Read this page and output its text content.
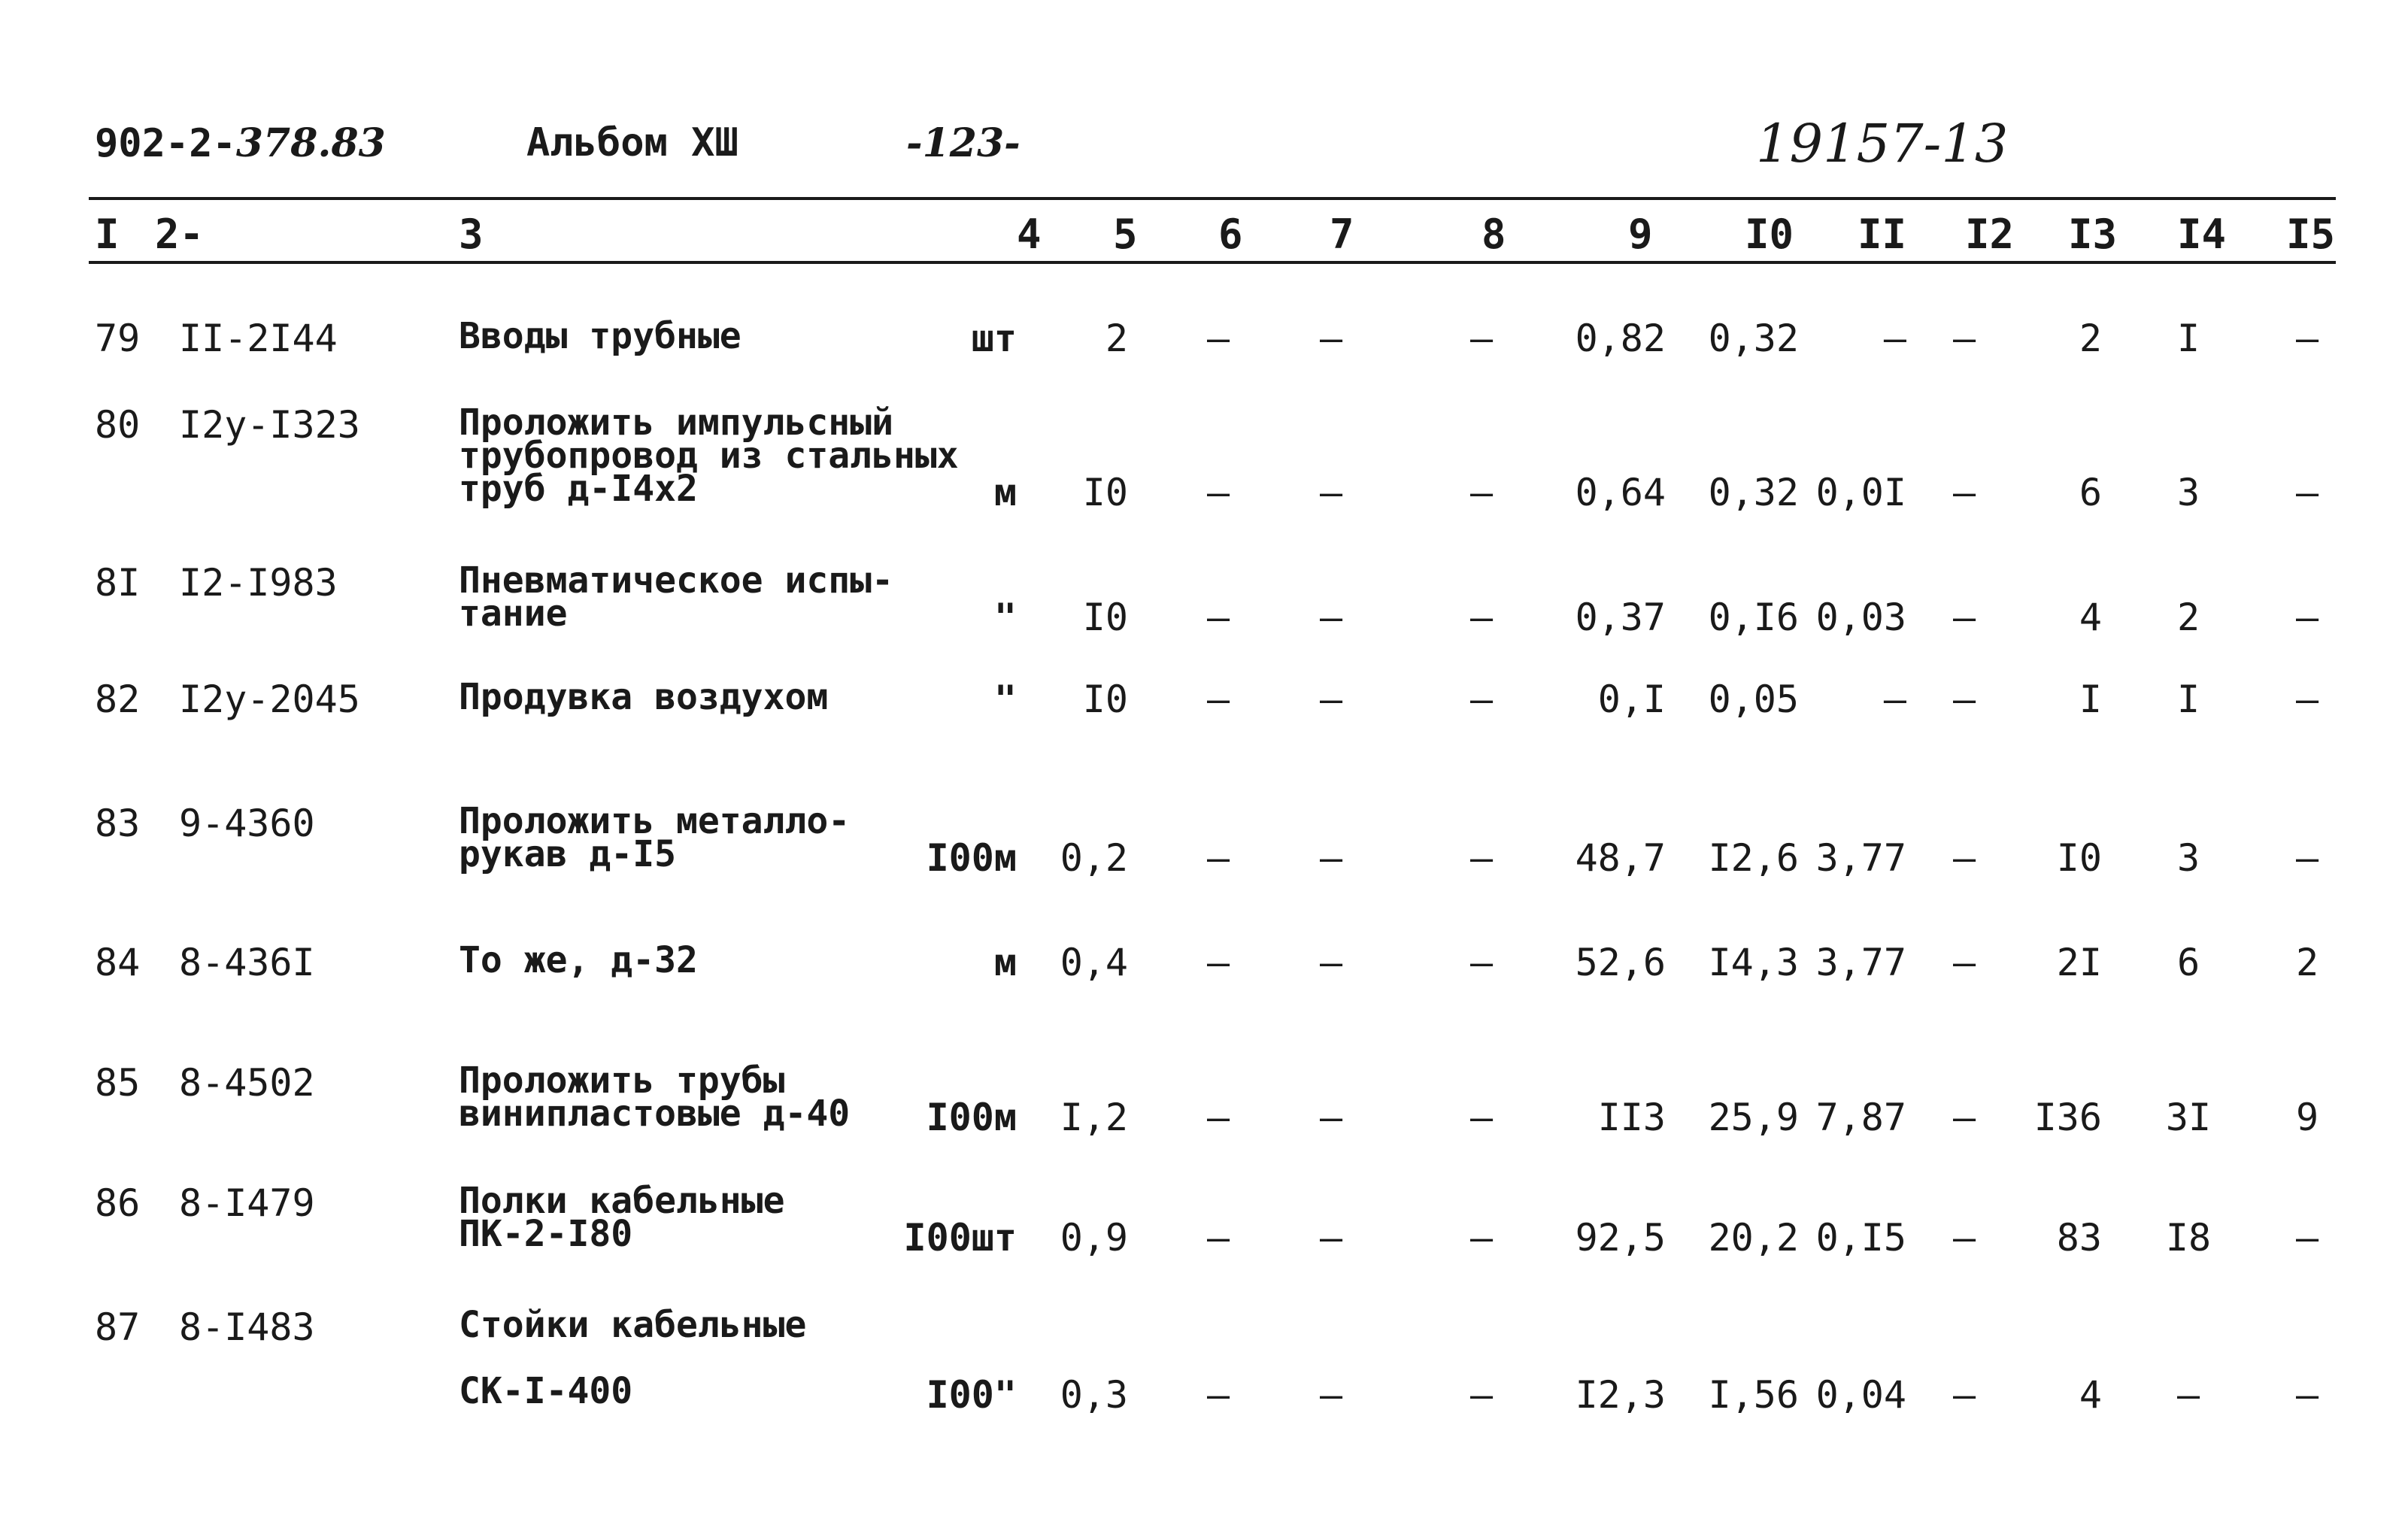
902-2-378.83	Альбом ХШ	-123-	19157-13
I 2-	3	4 5 6 7	8	9 I0 II I2 I3 I4 I5
79 II-2I44	Вводы трубные	шт 2 – –	– 0,82 0,32 – –	2 I	–
80 I2у-I323	Проложить импульсный
трубопровод из стальных
труб д-I4х2	м I0 – –	– 0,64 0,32 0,0I –	6 3	–
8I I2-I983	Пневматическое испы-
тание	" I0 – –	– 0,37 0,I6 0,03 –	4 2	–
82 I2у-2045	Продувка воздухом	" I0 – –	–	0,I 0,05 – –	I I	–
83 9-4360	Проложить металло-
рукав д-I5	I00м 0,2 – –	– 48,7 I2,6 3,77 – I0 3	–
84 8-436I	То же, д-32	м 0,4 – –	– 52,6 I4,3 3,77 – 2I 6	2
85 8-4502	Проложить трубы
винипластовые д-40 I00м I,2 – –	–	II3 25,9 7,87 – I36 3I 9
86 8-I479	Полки кабельные
ПК-2-I80	I00шт 0,9 – –	– 92,5 20,2 0,I5 – 83 I8 –
87 8-I483	Стойки кабельные

СК-I-400	I00" 0,3 – –	– I2,3 I,56 0,04 –	4 –	–
